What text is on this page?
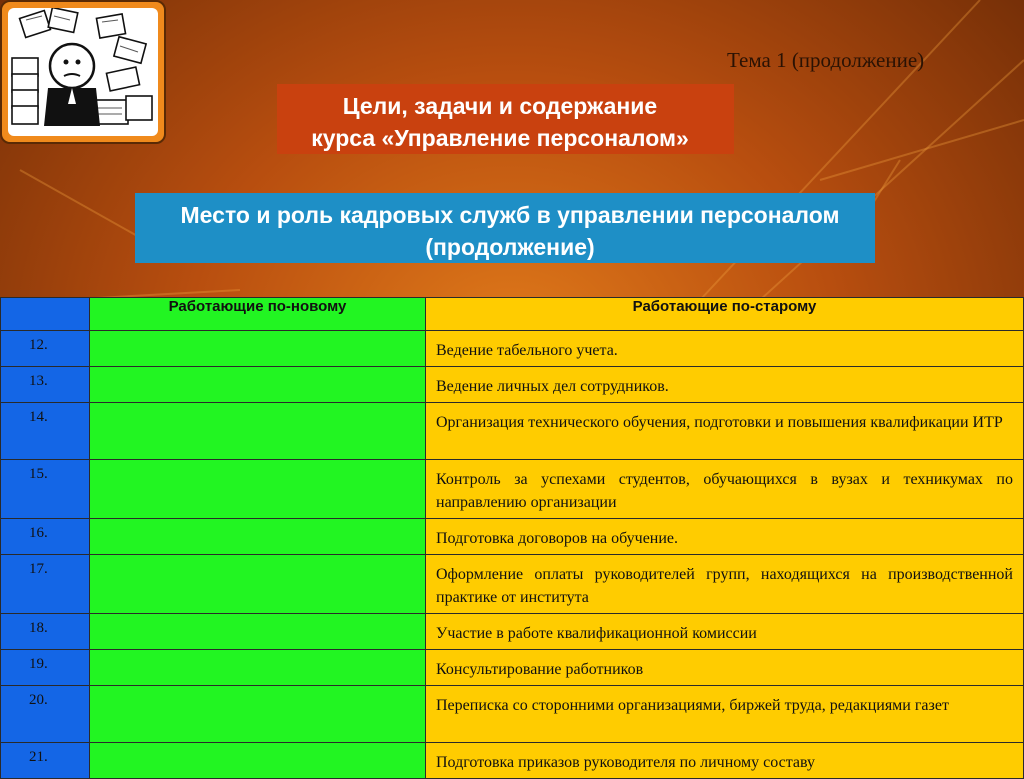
Тема 1 (продолжение)
Цели, задачи и содержание
курса «Управление персоналом»
Место и роль кадровых служб в управлении персоналом
(продолжение)
	Работающие по-новому	Работающие по-старому
12.		Ведение табельного учета.
13.		Ведение личных дел сотрудников.
14.		Организация технического обучения, подготовки и повышения квалификации ИТР
15.		Контроль за успехами студентов, обучающихся в вузах и техникумах по направлению организации
16.		Подготовка договоров на обучение.
17.		Оформление оплаты руководителей групп, находящихся на производственной практике от института
18.		Участие в работе квалификационной комиссии
19.		Консультирование работников
20.		Переписка со сторонними организациями, биржей труда, редакциями газет
21.		Подготовка приказов руководителя по личному составу
